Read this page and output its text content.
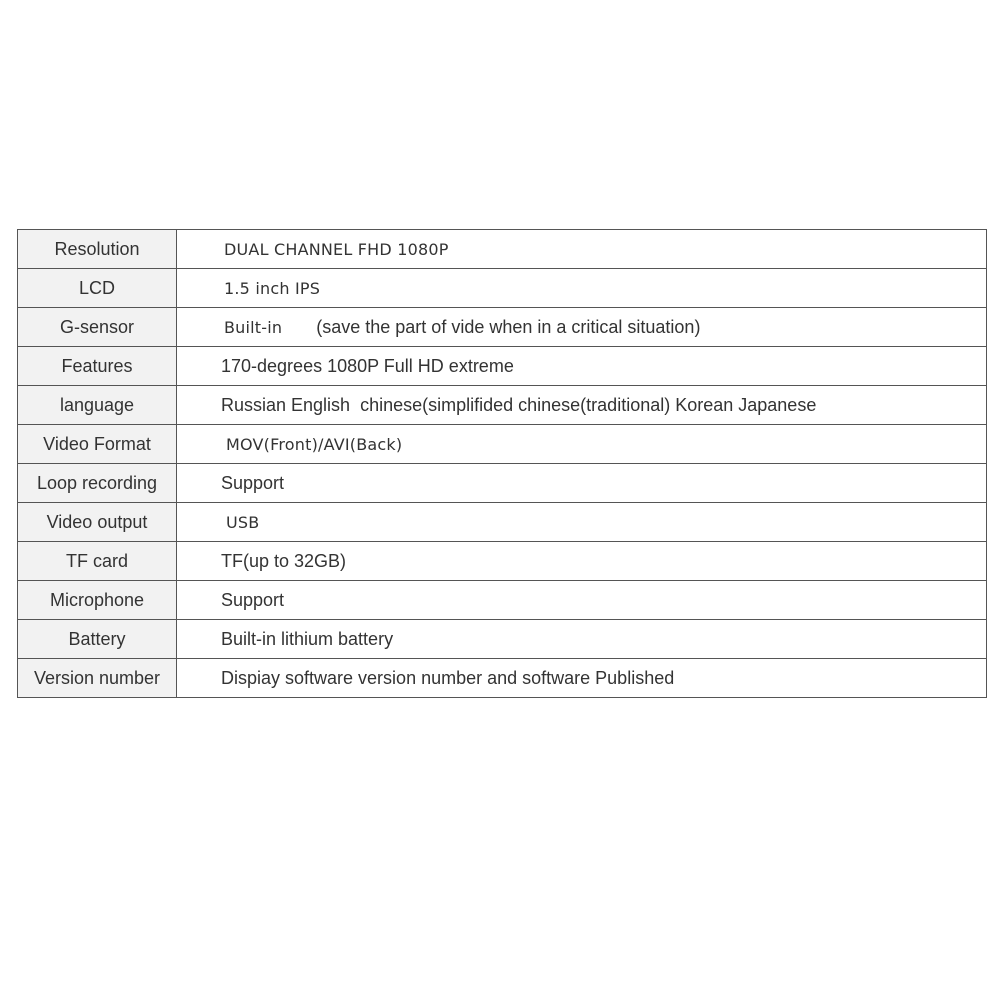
Resolution	DUAL CHANNEL FHD 1080P
LCD	1.5 inch IPS
G-sensor	Built-in (save the part of vide when in a critical situation)
Features	170-degrees 1080P Full HD extreme
language	Russian English  chinese(simplifided chinese(traditional) Korean Japanese
Video Format	MOV(Front)/AVI(Back)
Loop recording	Support
Video output	USB
TF card	TF(up to 32GB)
Microphone	Support
Battery	Built-in lithium battery
Version number	Dispiay software version number and software Published
